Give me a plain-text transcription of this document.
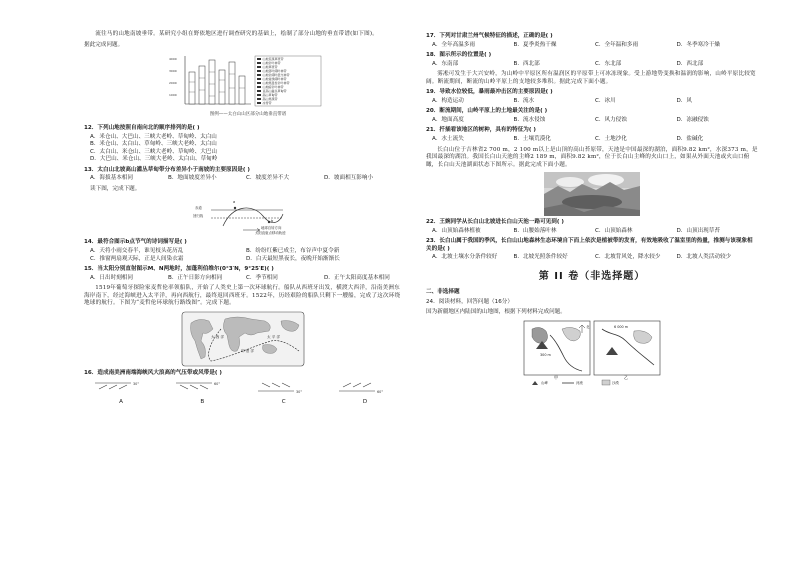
流往马的山地南坡垂带。某研究小组在野依地区进行调查研究的基础上，绘制了部分山地的垂直带谱(如下图)。

据此完成问题。

4000
3000
2000
1000
山地荒漠草原带
山地针叶林带
山地草原带
山地落叶阔叶林带
山地针阔叶混交林带
山地常绿阔叶林带
山地寒温性针叶林带
山地暗针叶林带
亚高山灌丛草甸带
高山草甸带
高山寒漠带
冰雪带
图例——太白山山区部分山地垂直带谱

12．下列山地按照自南向北的顺序排列的是( )

A．米仓山、大巴山、三峡大老岭、草甸岭、太白山
B．米仓山、太白山、草甸岭、三峡大老岭、太白山
C．太白山、米仓山、三峡大老岭、草甸岭、大巴山
D．大巴山、米仓山、三峡大老岭、太白山、草甸岭

13．太白山北坡高山灌丛草甸带分布差异小于南坡的主要原因是( )

A．海拔基本相同	B．地面坡度差异小	C．坡度差异不大	D．坡面相互影响小

读下图，完成下题。

赤道
回归线
地球自转方向
太阳直射点移动轨迹
a
b

14．最符合图示b点节气的诗词描写是( )

A．天将小雨交春半，谁见枝头花历乱	B．纷纷红紫已成尘，布谷声中夏令新
C．推窗两扇观天际，正是人间染衣霜	D．白天最短黑夜长，夜晚开始渐渐长

15．当太阳分别直射图示M、N两地时，加蓬利伯维尔(0°3′N，9°25′E)( )

A．日出时刻相同	B．正午日影方向相同	C．季节相同	D．正午太阳高度基本相同

1519年葡萄牙探险家麦哲伦率领船队，开始了人类史上第一次环球航行。船队从西班牙出发，横渡大西洋，沿南美洲东海岸南下，经过海峡进入太平洋，再向西航行，最终返回西班牙。1522年，历经艰险的船队只剩下一艘船，完成了这次环绕地球的航行。下图为“麦哲伦环球航行路线图”。完成下题。

太 平 洋
印 度 洋
大 西 洋

16．造成南美洲南端海峡风大浪高的气压带或风带是( )

30°
A
60°
B
30°
C
60°
D

17．下列对甘肃兰州气候特征的描述，正确的是( )

A．全年高温多雨	B．夏季炎热干燥	C．全年温和多雨	D．冬季寒冷干燥

18．图示所示的位置是( )

A．东南部	B．西北部	C．东北部	D．西北部

雾凇可发生于大兴安岭，为山岭中平原区所有温润区的平原带上可冰冻现象。受上游地势变换和温润的影响，山岭平原比较宽阔。断流期间，断流的山岭平原上的支地较多堆积。据此完成下面小题。

19．导致水位较低，暴雨最冲击区的主要原因是( )

A．构造运动	B．流水	C．冰川	D．风

20．断流期间，山岭平原上的土地最关注的是( )

A．地面高度	B．流水侵蚀	C．风力侵蚀	D．冻融侵蚀

21．扦插看该地区的树种，具有的特征为( )

A．水土流失	B．土壤荒漠化	C．土地沙化	D．盐碱化

长白山位于吉林省2 700 m，2 100 m以上是山顶的高山苔原带，天池是中国最深的湖泊，面积9.82 km²，水深373 m，是我国最深的湖泊。我国长白山天池的主峰2 189 m，面积9.82 km²，位于长白山主峰的火山口上，如果从外面天池或火山口俯瞰，长白山天池湖面状态下图所示。据此完成下面小题。

22．王婉同学从长白山北坡进长白山天池一路可见到( )

A．山顶始森林植被	B．山腰始落叶林	C．山顶始森林	D．山顶出现草苔

23．长白山属于我国的季风，长白山山地森林生态环境自下而上依次是植被带的发育，有效地吸收了温室里的热量，推测与该现象相关的是( )

A．北坡土壤水分条件较好	B．北坡光照条件较好	C．北坡背风处，降水较少	D．北坡人类活动较少
第 II 卷（非选择题）

二、非选择题

24．阅读材料，回答问题（16分）

国为新疆地区内陆国的山地图，根据下列材料完成问题。

甲	乙
300 m
6 000 m
北
山峰	河流	沙漠
